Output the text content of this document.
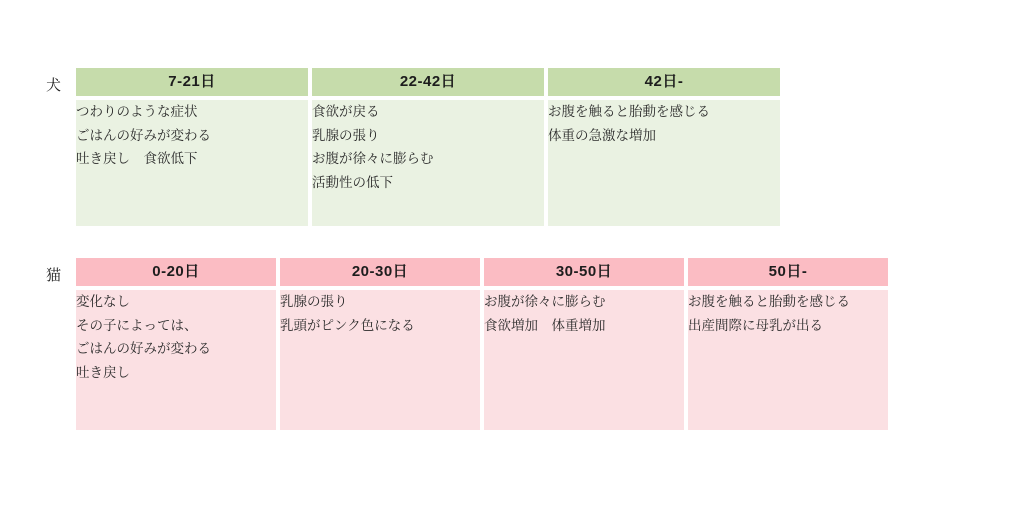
犬	7-21日	22-42日	42日-

つわりのような症状
ごはんの好みが変わる
吐き戻し　食欲低下

食欲が戻る
乳腺の張り
お腹が徐々に膨らむ
活動性の低下

お腹を触ると胎動を感じる
体重の急激な増加
猫	0-20日	20-30日	30-50日	50日-

変化なし
その子によっては、
ごはんの好みが変わる
吐き戻し

乳腺の張り
乳頭がピンク色になる

お腹が徐々に膨らむ
食欲増加　体重増加

お腹を触ると胎動を感じる
出産間際に母乳が出る
